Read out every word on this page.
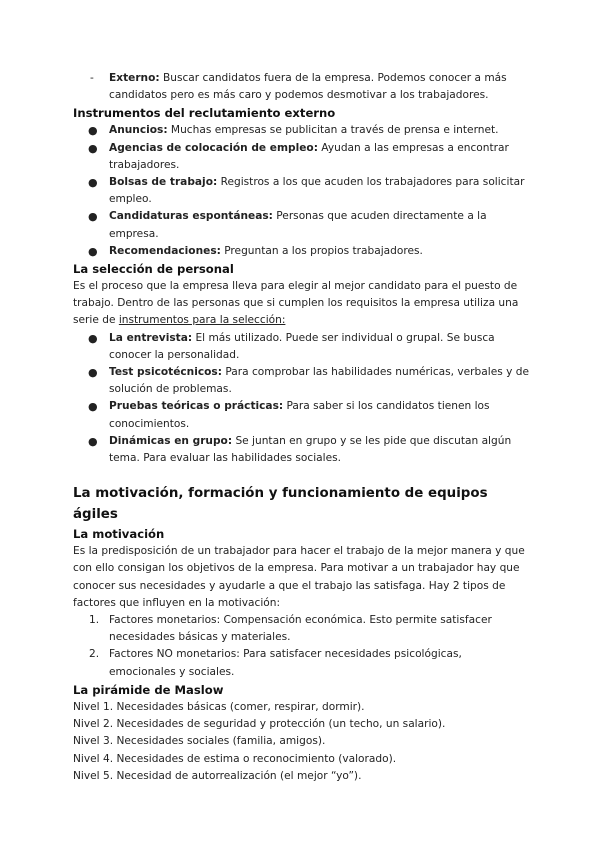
- Externo: Buscar candidatos fuera de la empresa. Podemos conocer a más candidatos pero es más caro y podemos desmotivar a los trabajadores.
Instrumentos del reclutamiento externo
● Anuncios: Muchas empresas se publicitan a través de prensa e internet.
● Agencias de colocación de empleo: Ayudan a las empresas a encontrar trabajadores.
● Bolsas de trabajo: Registros a los que acuden los trabajadores para solicitar empleo.
● Candidaturas espontáneas: Personas que acuden directamente a la empresa.
● Recomendaciones: Preguntan a los propios trabajadores.
La selección de personal

Es el proceso que la empresa lleva para elegir al mejor candidato para el puesto de trabajo. Dentro de las personas que si cumplen los requisitos la empresa utiliza una serie de instrumentos para la selección:

● La entrevista: El más utilizado. Puede ser individual o grupal. Se busca conocer la personalidad.
● Test psicotécnicos: Para comprobar las habilidades numéricas, verbales y de solución de problemas.
● Pruebas teóricas o prácticas: Para saber si los candidatos tienen los conocimientos.
● Dinámicas en grupo: Se juntan en grupo y se les pide que discutan algún tema. Para evaluar las habilidades sociales.
La motivación, formación y funcionamiento de equipos ágiles
La motivación

Es la predisposición de un trabajador para hacer el trabajo de la mejor manera y que con ello consigan los objetivos de la empresa. Para motivar a un trabajador hay que conocer sus necesidades y ayudarle a que el trabajo las satisfaga. Hay 2 tipos de factores que influyen en la motivación:

1. Factores monetarios: Compensación económica. Esto permite satisfacer necesidades básicas y materiales.
2. Factores NO monetarios: Para satisfacer necesidades psicológicas, emocionales y sociales.
La pirámide de Maslow

Nivel 1. Necesidades básicas (comer, respirar, dormir).

Nivel 2. Necesidades de seguridad y protección (un techo, un salario).

Nivel 3. Necesidades sociales (familia, amigos).

Nivel 4. Necesidades de estima o reconocimiento (valorado).

Nivel 5. Necesidad de autorrealización (el mejor “yo”).
